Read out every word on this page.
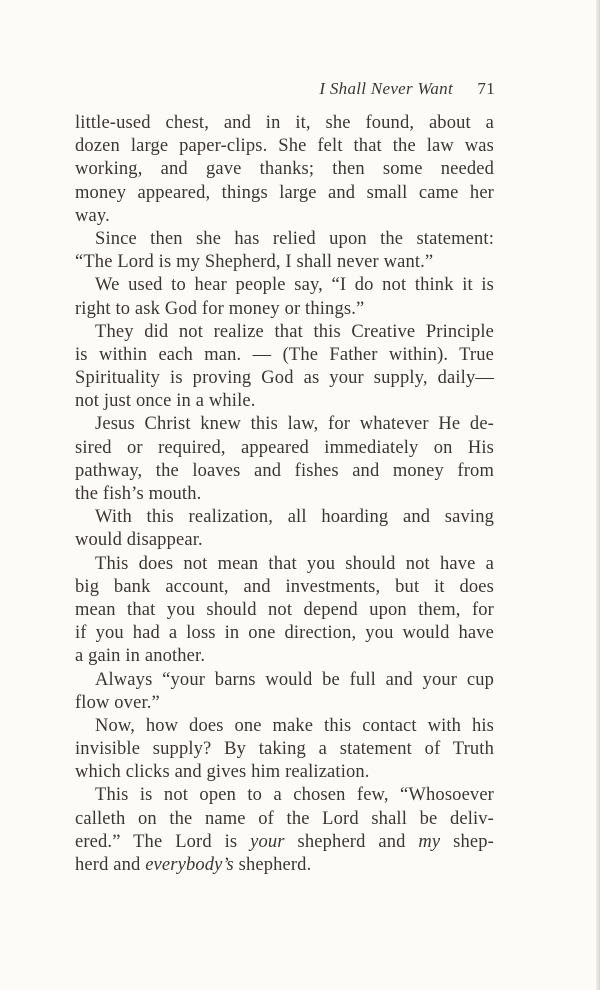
I Shall Never Want 71
little-used chest, and in it, she found, about a
dozen large paper-clips. She felt that the law was
working, and gave thanks; then some needed
money appeared, things large and small came her
way.
Since then she has relied upon the statement:
“The Lord is my Shepherd, I shall never want.”
We used to hear people say, “I do not think it is
right to ask God for money or things.”
They did not realize that this Creative Principle
is within each man. — (The Father within). True
Spirituality is proving God as your supply, daily—
not just once in a while.
Jesus Christ knew this law, for whatever He de-
sired or required, appeared immediately on His
pathway, the loaves and fishes and money from
the fish’s mouth.
With this realization, all hoarding and saving
would disappear.
This does not mean that you should not have a
big bank account, and investments, but it does
mean that you should not depend upon them, for
if you had a loss in one direction, you would have
a gain in another.
Always “your barns would be full and your cup
flow over.”
Now, how does one make this contact with his
invisible supply? By taking a statement of Truth
which clicks and gives him realization.
This is not open to a chosen few, “Whosoever
calleth on the name of the Lord shall be deliv-
ered.” The Lord is your shepherd and my shep-
herd and everybody’s shepherd.
